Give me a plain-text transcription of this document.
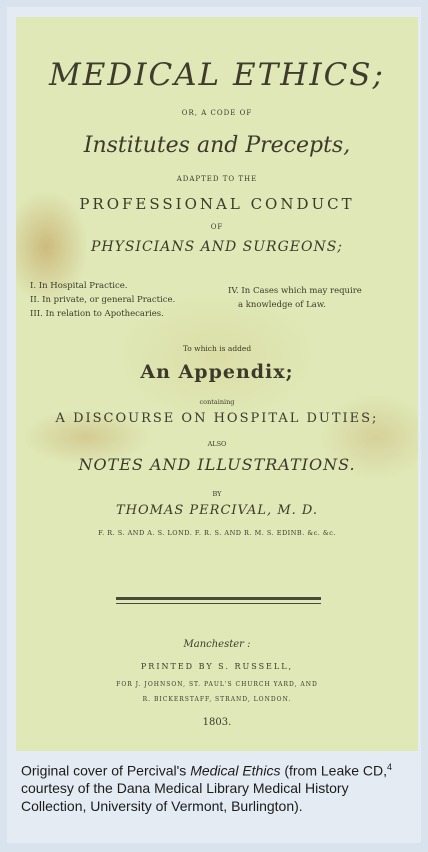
MEDICAL ETHICS;
OR, A CODE OF
Institutes and Precepts,
ADAPTED TO THE
PROFESSIONAL CONDUCT
OF
PHYSICIANS AND SURGEONS;
I. In Hospital Practice.
II. In private, or general Practice.
III. In relation to Apothecaries.
IV. In Cases which may require
a knowledge of Law.
To which is added
An Appendix;
containing
A DISCOURSE ON HOSPITAL DUTIES;
ALSO
NOTES AND ILLUSTRATIONS.
BY
THOMAS PERCIVAL, M. D.
F. R. S. AND A. S. LOND. F. R. S. AND R. M. S. EDINB. &c. &c.
Manchester :
PRINTED BY S. RUSSELL,
FOR J. JOHNSON, ST. PAUL'S CHURCH YARD, AND
R. BICKERSTAFF, STRAND, LONDON.
1803.
Original cover of Percival's Medical Ethics (from Leake CD,$^4$ courtesy of the Dana Medical Library Medical History Collection, University of Vermont, Burlington).
